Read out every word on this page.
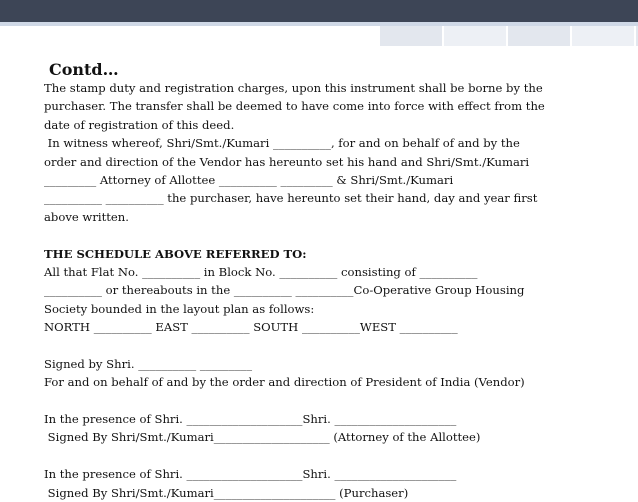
Contd…
The stamp duty and registration charges, upon this instrument shall be borne by the
purchaser. The transfer shall be deemed to have come into force with effect from the
date of registration of this deed.
In witness whereof, Shri/Smt./Kumari __________, for and on behalf of and by the
order and direction of the Vendor has hereunto set his hand and Shri/Smt./Kumari
_________ Attorney of Allottee __________ _________ & Shri/Smt./Kumari
__________ __________ the purchaser, have hereunto set their hand, day and year first
above written.
THE SCHEDULE ABOVE REFERRED TO:
All that Flat No. __________ in Block No. __________ consisting of __________
__________ or thereabouts in the __________ __________Co-Operative Group Housing
Society bounded in the layout plan as follows:
NORTH __________ EAST __________ SOUTH __________WEST __________
Signed by Shri. __________ _________
For and on behalf of and by the order and direction of President of India (Vendor)
In the presence of Shri. ____________________Shri. _____________________
Signed By Shri/Smt./Kumari____________________ (Attorney of the Allottee)
In the presence of Shri. ____________________Shri. _____________________
Signed By Shri/Smt./Kumari_____________________ (Purchaser)
